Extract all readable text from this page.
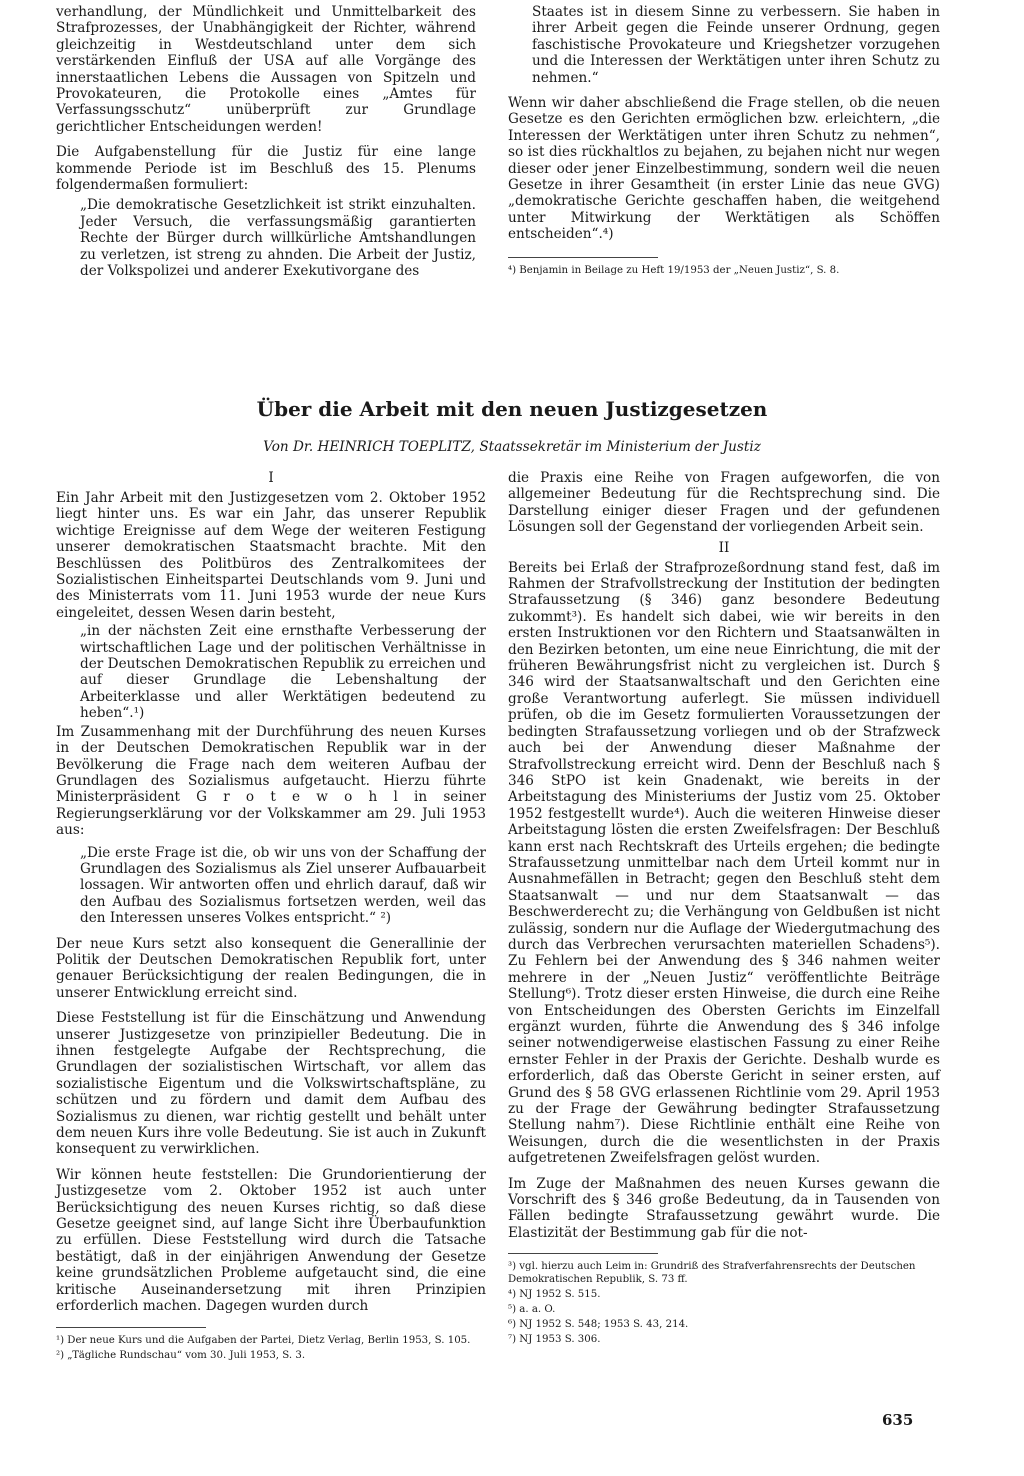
verhandlung, der Mündlichkeit und Unmittelbarkeit des Strafprozesses, der Unabhängigkeit der Richter, während gleichzeitig in Westdeutschland unter dem sich verstärkenden Einfluß der USA auf alle Vorgänge des innerstaatlichen Lebens die Aussagen von Spitzeln und Provokateuren, die Protokolle eines „Amtes für Verfassungsschutz“ unüberprüft zur Grundlage gerichtlicher Entscheidungen werden!

Die Aufgabenstellung für die Justiz für eine lange kommende Periode ist im Beschluß des 15. Plenums folgendermaßen formuliert:

„Die demokratische Gesetzlichkeit ist strikt einzuhalten. Jeder Versuch, die verfassungsmäßig garantierten Rechte der Bürger durch willkürliche Amtshandlungen zu verletzen, ist streng zu ahnden. Die Arbeit der Justiz, der Volkspolizei und anderer Exekutivorgane des

Staates ist in diesem Sinne zu verbessern. Sie haben in ihrer Arbeit gegen die Feinde unserer Ordnung, gegen faschistische Provokateure und Kriegshetzer vorzugehen und die Interessen der Werktätigen unter ihren Schutz zu nehmen.“

Wenn wir daher abschließend die Frage stellen, ob die neuen Gesetze es den Gerichten ermöglichen bzw. erleichtern, „die Interessen der Werktätigen unter ihren Schutz zu nehmen“, so ist dies rückhaltlos zu bejahen, zu bejahen nicht nur wegen dieser oder jener Einzelbestimmung, sondern weil die neuen Gesetze in ihrer Gesamtheit (in erster Linie das neue GVG) „demokratische Gerichte geschaffen haben, die weitgehend unter Mitwirkung der Werktätigen als Schöffen entscheiden“.⁴)

⁴) Benjamin in Beilage zu Heft 19/1953 der „Neuen Justiz“, S. 8.

Über die Arbeit mit den neuen Justizgesetzen

Von Dr. HEINRICH TOEPLITZ, Staatssekretär im Ministerium der Justiz

I

Ein Jahr Arbeit mit den Justizgesetzen vom 2. Oktober 1952 liegt hinter uns. Es war ein Jahr, das unserer Republik wichtige Ereignisse auf dem Wege der weiteren Festigung unserer demokratischen Staatsmacht brachte. Mit den Beschlüssen des Politbüros des Zentralkomitees der Sozialistischen Einheitspartei Deutschlands vom 9. Juni und des Ministerrats vom 11. Juni 1953 wurde der neue Kurs eingeleitet, dessen Wesen darin besteht,

„in der nächsten Zeit eine ernsthafte Verbesserung der wirtschaftlichen Lage und der politischen Verhältnisse in der Deutschen Demokratischen Republik zu erreichen und auf dieser Grundlage die Lebenshaltung der Arbeiterklasse und aller Werktätigen bedeutend zu heben“.¹)

Im Zusammenhang mit der Durchführung des neuen Kurses in der Deutschen Demokratischen Republik war in der Bevölkerung die Frage nach dem weiteren Aufbau der Grundlagen des Sozialismus aufgetaucht. Hierzu führte Ministerpräsident G r o t e w o h l in seiner Regierungserklärung vor der Volkskammer am 29. Juli 1953 aus:

„Die erste Frage ist die, ob wir uns von der Schaffung der Grundlagen des Sozialismus als Ziel unserer Aufbauarbeit lossagen. Wir antworten offen und ehrlich darauf, daß wir den Aufbau des Sozialismus fortsetzen werden, weil das den Interessen unseres Volkes entspricht.“ ²)

Der neue Kurs setzt also konsequent die Generallinie der Politik der Deutschen Demokratischen Republik fort, unter genauer Berücksichtigung der realen Bedingungen, die in unserer Entwicklung erreicht sind.

Diese Feststellung ist für die Einschätzung und Anwendung unserer Justizgesetze von prinzipieller Bedeutung. Die in ihnen festgelegte Aufgabe der Rechtsprechung, die Grundlagen der sozialistischen Wirtschaft, vor allem das sozialistische Eigentum und die Volkswirtschaftspläne, zu schützen und zu fördern und damit dem Aufbau des Sozialismus zu dienen, war richtig gestellt und behält unter dem neuen Kurs ihre volle Bedeutung. Sie ist auch in Zukunft konsequent zu verwirklichen.

Wir können heute feststellen: Die Grundorientierung der Justizgesetze vom 2. Oktober 1952 ist auch unter Berücksichtigung des neuen Kurses richtig, so daß diese Gesetze geeignet sind, auf lange Sicht ihre Überbaufunktion zu erfüllen. Diese Feststellung wird durch die Tatsache bestätigt, daß in der einjährigen Anwendung der Gesetze keine grundsätzlichen Probleme aufgetaucht sind, die eine kritische Auseinandersetzung mit ihren Prinzipien erforderlich machen. Dagegen wurden durch

¹) Der neue Kurs und die Aufgaben der Partei, Dietz Verlag, Berlin 1953, S. 105.

²) „Tägliche Rundschau“ vom 30. Juli 1953, S. 3.

die Praxis eine Reihe von Fragen aufgeworfen, die von allgemeiner Bedeutung für die Rechtsprechung sind. Die Darstellung einiger dieser Fragen und der gefundenen Lösungen soll der Gegenstand der vorliegenden Arbeit sein.

II

Bereits bei Erlaß der Strafprozeßordnung stand fest, daß im Rahmen der Strafvollstreckung der Institution der bedingten Strafaussetzung (§ 346) ganz besondere Bedeutung zukommt³). Es handelt sich dabei, wie wir bereits in den ersten Instruktionen vor den Richtern und Staatsanwälten in den Bezirken betonten, um eine neue Einrichtung, die mit der früheren Bewährungsfrist nicht zu vergleichen ist. Durch § 346 wird der Staatsanwaltschaft und den Gerichten eine große Verantwortung auferlegt. Sie müssen individuell prüfen, ob die im Gesetz formulierten Voraussetzungen der bedingten Strafaussetzung vorliegen und ob der Strafzweck auch bei der Anwendung dieser Maßnahme der Strafvollstreckung erreicht wird. Denn der Beschluß nach § 346 StPO ist kein Gnadenakt, wie bereits in der Arbeitstagung des Ministeriums der Justiz vom 25. Oktober 1952 festgestellt wurde⁴). Auch die weiteren Hinweise dieser Arbeitstagung lösten die ersten Zweifelsfragen: Der Beschluß kann erst nach Rechtskraft des Urteils ergehen; die bedingte Strafaussetzung unmittelbar nach dem Urteil kommt nur in Ausnahmefällen in Betracht; gegen den Beschluß steht dem Staatsanwalt — und nur dem Staatsanwalt — das Beschwerderecht zu; die Verhängung von Geldbußen ist nicht zulässig, sondern nur die Auflage der Wiedergutmachung des durch das Verbrechen verursachten materiellen Schadens⁵). Zu Fehlern bei der Anwendung des § 346 nahmen weiter mehrere in der „Neuen Justiz“ veröffentlichte Beiträge Stellung⁶). Trotz dieser ersten Hinweise, die durch eine Reihe von Entscheidungen des Obersten Gerichts im Einzelfall ergänzt wurden, führte die Anwendung des § 346 infolge seiner notwendigerweise elastischen Fassung zu einer Reihe ernster Fehler in der Praxis der Gerichte. Deshalb wurde es erforderlich, daß das Oberste Gericht in seiner ersten, auf Grund des § 58 GVG erlassenen Richtlinie vom 29. April 1953 zu der Frage der Gewährung bedingter Strafaussetzung Stellung nahm⁷). Diese Richtlinie enthält eine Reihe von Weisungen, durch die die wesentlichsten in der Praxis aufgetretenen Zweifelsfragen gelöst wurden.

Im Zuge der Maßnahmen des neuen Kurses gewann die Vorschrift des § 346 große Bedeutung, da in Tausenden von Fällen bedingte Strafaussetzung gewährt wurde. Die Elastizität der Bestimmung gab für die not-

³) vgl. hierzu auch Leim in: Grundriß des Strafverfahrensrechts der Deutschen Demokratischen Republik, S. 73 ff.

⁴) NJ 1952 S. 515.

⁵) a. a. O.

⁶) NJ 1952 S. 548; 1953 S. 43, 214.

⁷) NJ 1953 S. 306.

635
